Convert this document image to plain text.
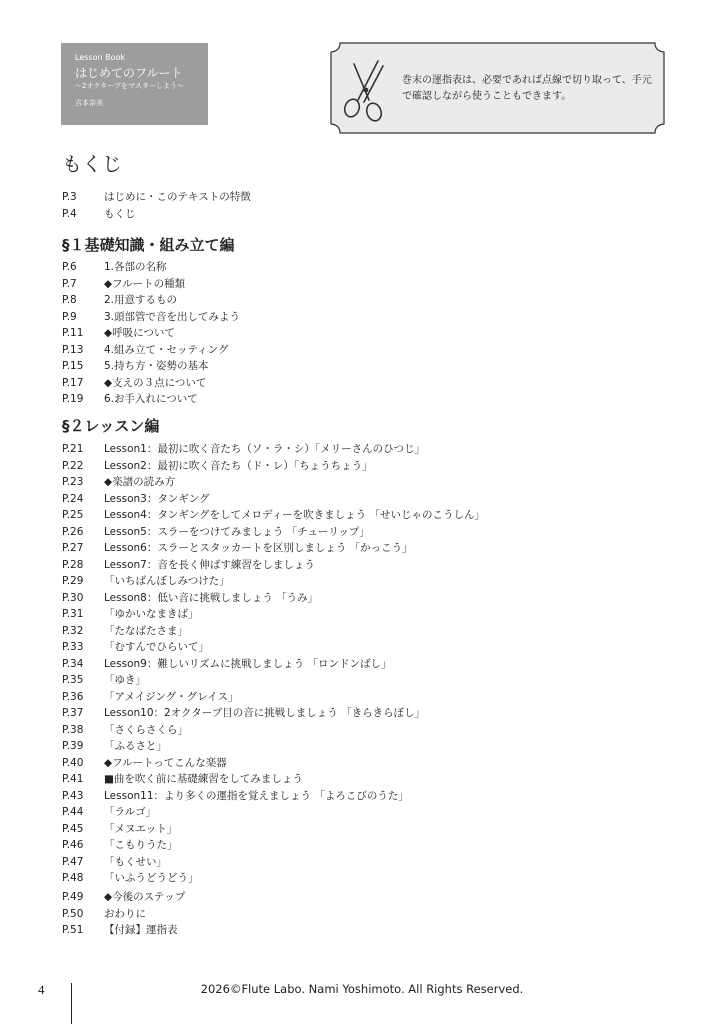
Lesson Book
はじめてのフルート
～2オクターブをマスターしよう～
吉本奈美
巻末の運指表は、必要であれば点線で切り取って、手元で確認しながら使うこともできます。
もくじ
P.3	はじめに・このテキストの特徴
P.4	もくじ
§１基礎知識・組み立て編
P.6	1.各部の名称
P.7	◆フルートの種類
P.8	2.用意するもの
P.9	3.頭部管で音を出してみよう
P.11	◆呼吸について
P.13	4.組み立て・セッティング
P.15	5.持ち方・姿勢の基本
P.17	◆支えの３点について
P.19	6.お手入れについて
§２レッスン編
P.21	Lesson1：最初に吹く音たち（ソ・ラ・シ）「メリーさんのひつじ」
P.22	Lesson2：最初に吹く音たち（ド・レ）「ちょうちょう」
P.23	◆楽譜の読み方
P.24	Lesson3：タンギング
P.25	Lesson4：タンギングをしてメロディーを吹きましょう 「せいじゃのこうしん」
P.26	Lesson5：スラーをつけてみましょう 「チューリップ」
P.27	Lesson6：スラーとスタッカートを区別しましょう 「かっこう」
P.28	Lesson7：音を長く伸ばす練習をしましょう
P.29	「いちばんぼしみつけた」
P.30	Lesson8：低い音に挑戦しましょう 「うみ」
P.31	「ゆかいなまきば」
P.32	「たなばたさま」
P.33	「むすんでひらいて」
P.34	Lesson9：難しいリズムに挑戦しましょう 「ロンドンばし」
P.35	「ゆき」
P.36	「アメイジング・グレイス」
P.37	Lesson10：2オクターブ目の音に挑戦しましょう 「きらきらぼし」
P.38	「さくらさくら」
P.39	「ふるさと」
P.40	◆フルートってこんな楽器
P.41	■曲を吹く前に基礎練習をしてみましょう
P.43	Lesson11：より多くの運指を覚えましょう 「よろこびのうた」
P.44	「ラルゴ」
P.45	「メヌエット」
P.46	「こもりうた」
P.47	「もくせい」
P.48	「いふうどうどう」
P.49	◆今後のステップ
P.50	おわりに
P.51	【付録】運指表
4	2026©Flute Labo. Nami Yoshimoto. All Rights Reserved.
